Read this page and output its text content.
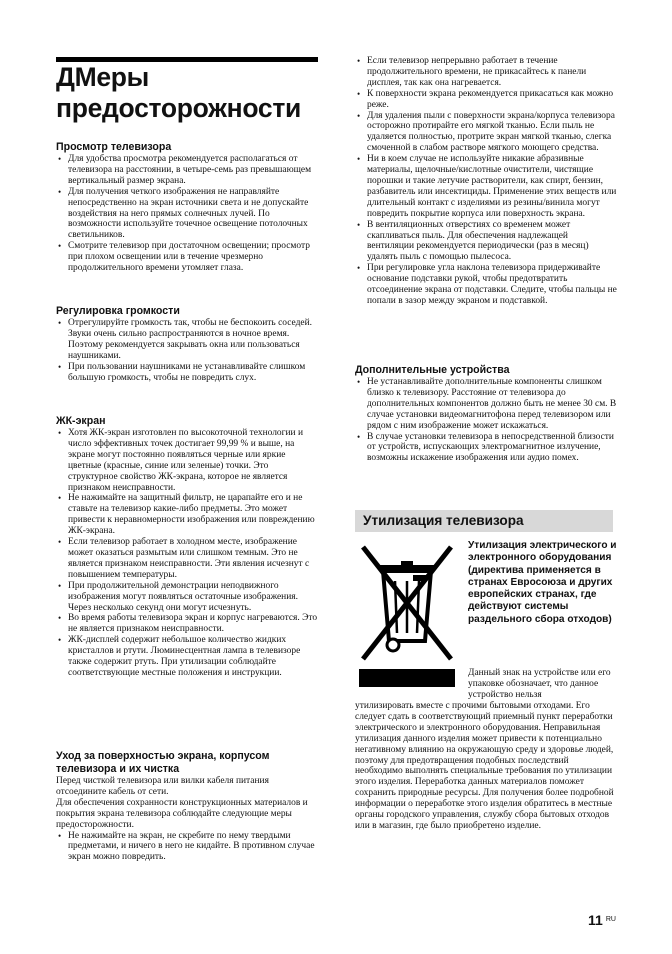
ДМеры предосторожности
Просмотр телевизора
• Для удобства просмотра рекомендуется располагаться от телевизора на расстоянии, в четыре-семь раз превышающем вертикальный размер экрана.
• Для получения четкого изображения не направляйте непосредственно на экран источники света и не допускайте воздействия на него прямых солнечных лучей. По возможности используйте точечное освещение потолочных светильников.
• Смотрите телевизор при достаточном освещении; просмотр при плохом освещении или в течение чрезмерно продолжительного времени утомляет глаза.
Регулировка громкости
• Отрегулируйте громкость так, чтобы не беспокоить соседей. Звуки очень сильно распространяются в ночное время. Поэтому рекомендуется закрывать окна или пользоваться наушниками.
• При пользовании наушниками не устанавливайте слишком большую громкость, чтобы не повредить слух.
ЖК-экран
• Хотя ЖК-экран изготовлен по высокоточной технологии и число эффективных точек достигает 99,99 % и выше, на экране могут постоянно появляться черные или яркие цветные (красные, синие или зеленые) точки. Это структурное свойство ЖК-экрана, которое не является признаком неисправности.
• Не нажимайте на защитный фильтр, не царапайте его и не ставьте на телевизор какие-либо предметы. Это может привести к неравномерности изображения или повреждению ЖК-экрана.
• Если телевизор работает в холодном месте, изображение может оказаться размытым или слишком темным. Это не является признаком неисправности. Эти явления исчезнут с повышением температуры.
• При продолжительной демонстрации неподвижного изображения могут появляться остаточные изображения. Через несколько секунд они могут исчезнуть.
• Во время работы телевизора экран и корпус нагреваются. Это не является признаком неисправности.
• ЖК-дисплей содержит небольшое количество жидких кристаллов и ртути. Люминесцентная лампа в телевизоре также содержит ртуть. При утилизации соблюдайте соответствующие местные положения и инструкции.
Уход за поверхностью экрана, корпусом телевизора и их чистка

Перед чисткой телевизора или вилки кабеля питания отсоедините кабель от сети.

Для обеспечения сохранности конструкционных материалов и покрытия экрана телевизора соблюдайте следующие меры предосторожности.

• Не нажимайте на экран, не скребите по нему твердыми предметами, и ничего в него не кидайте. В противном случае экран можно повредить.
• Если телевизор непрерывно работает в течение продолжительного времени, не прикасайтесь к панели дисплея, так как она нагревается.
• К поверхности экрана рекомендуется прикасаться как можно реже.
• Для удаления пыли с поверхности экрана/корпуса телевизора осторожно протирайте его мягкой тканью. Если пыль не удаляется полностью, протрите экран мягкой тканью, слегка смоченной в слабом растворе мягкого моющего средства.
• Ни в коем случае не используйте никакие абразивные материалы, щелочные/кислотные очистители, чистящие порошки и такие летучие растворители, как спирт, бензин, разбавитель или инсектициды. Применение этих веществ или длительный контакт с изделиями из резины/винила могут повредить покрытие корпуса или поверхность экрана.
• В вентиляционных отверстиях со временем может скапливаться пыль. Для обеспечения надлежащей вентиляции рекомендуется периодически (раз в месяц) удалять пыль с помощью пылесоса.
• При регулировке угла наклона телевизора придерживайте основание подставки рукой, чтобы предотвратить отсоединение экрана от подставки. Следите, чтобы пальцы не попали в зазор между экраном и подставкой.
Дополнительные устройства
• Не устанавливайте дополнительные компоненты слишком близко к телевизору. Расстояние от телевизора до дополнительных компонентов должно быть не менее 30 см. В случае установки видеомагнитофона перед телевизором или рядом с ним изображение может искажаться.
• В случае установки телевизора в непосредственной близости от устройств, испускающих электромагнитное излучение, возможны искажение изображения или аудио помех.
Утилизация телевизора
Утилизация электрического и электронного оборудования (директива применяется в странах Евросоюза и других европейских странах, где действуют системы раздельного сбора отходов)

Данный знак на устройстве или его упаковке обозначает, что данное устройство нельзя

утилизировать вместе с прочими бытовыми отходами. Его следует сдать в соответствующий приемный пункт переработки электрического и электронного оборудования. Неправильная утилизация данного изделия может привести к потенциально негативному влиянию на окружающую среду и здоровье людей, поэтому для предотвращения подобных последствий необходимо выполнять специальные требования по утилизации этого изделия. Переработка данных материалов поможет сохранить природные ресурсы. Для получения более подробной информации о переработке этого изделия обратитесь в местные органы городского управления, службу сбора бытовых отходов или в магазин, где было приобретено изделие.

11 $^{RU}$
